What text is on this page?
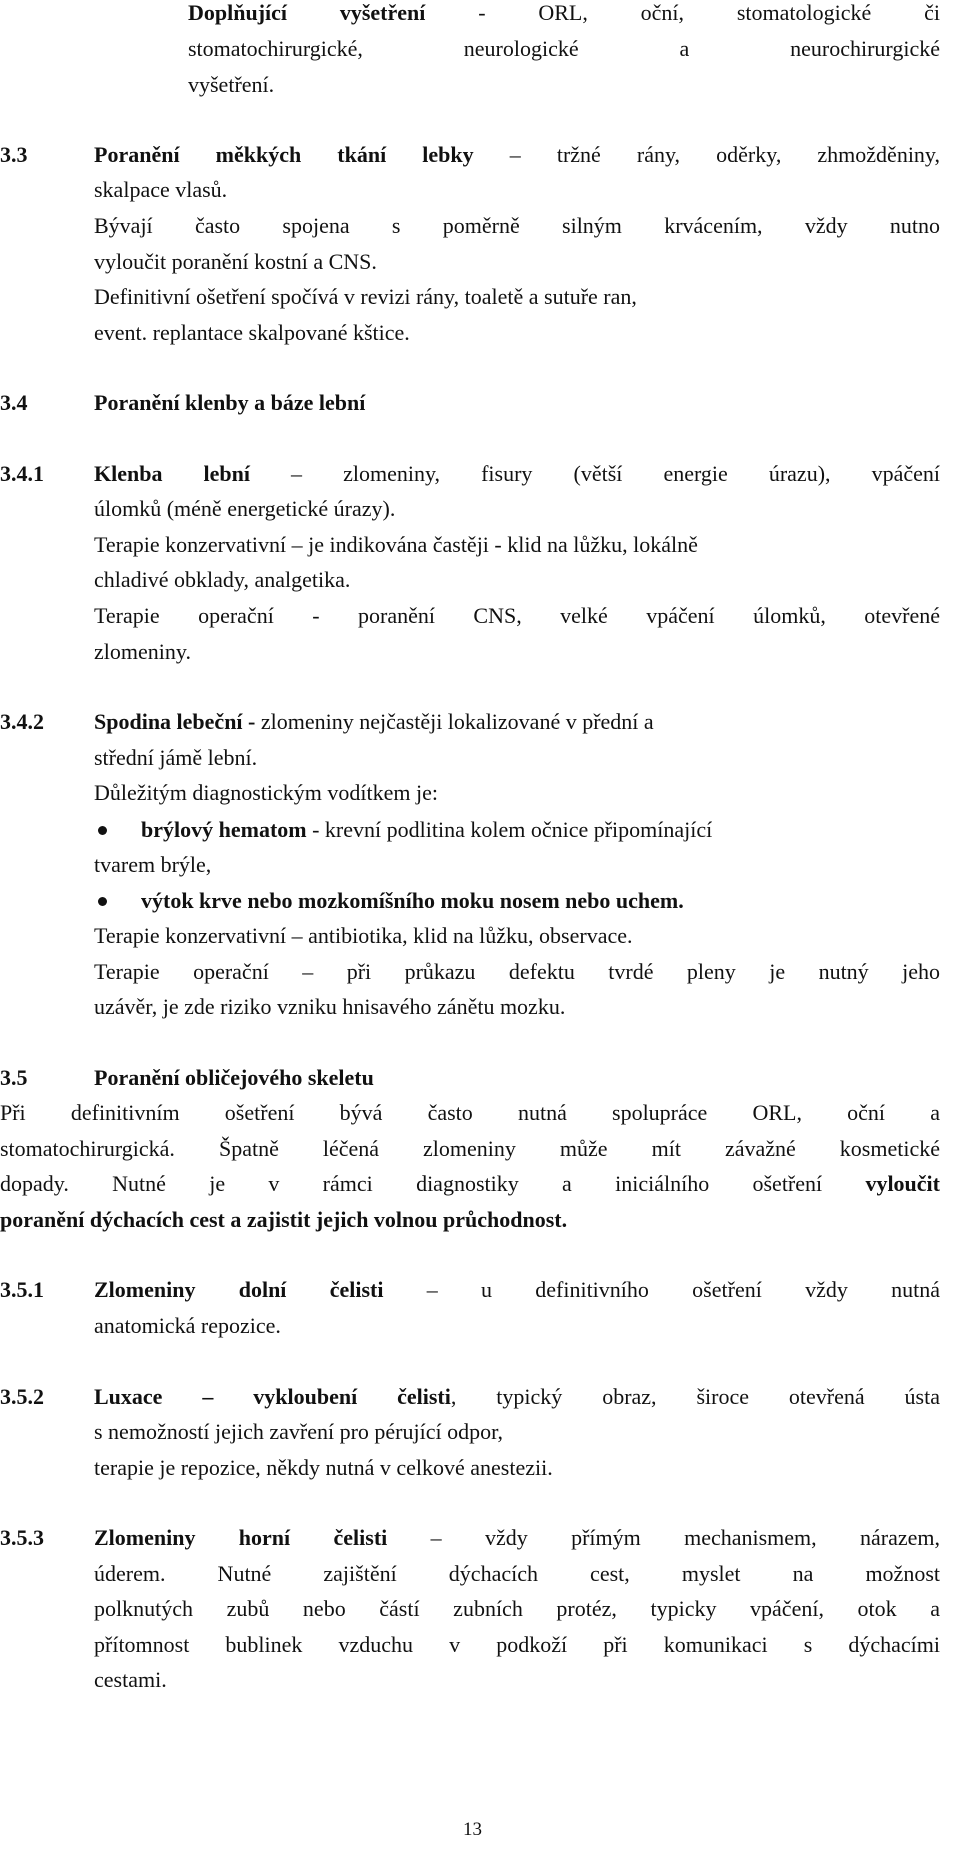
Doplňující vyšetření - ORL, oční, stomatologické či
stomatochirurgické, neurologické a neurochirurgické
vyšetření.
3.3	Poranění měkkých tkání lebky – tržné rány, oděrky, zhmožděniny,
skalpace vlasů.
Bývají často spojena s poměrně silným krvácením, vždy nutno
vyloučit poranění kostní a CNS.
Definitivní ošetření spočívá v revizi rány, toaletě a sutuře ran,
event. replantace skalpované kštice.
3.4	Poranění klenby a báze lební
3.4.1 Klenba lební – zlomeniny, fisury (větší energie úrazu), vpáčení
úlomků (méně energetické úrazy).
Terapie konzervativní – je indikována častěji - klid na lůžku, lokálně
chladivé obklady, analgetika.
Terapie operační - poranění CNS, velké vpáčení úlomků, otevřené
zlomeniny.
3.4.2 Spodina lebeční - zlomeniny nejčastěji lokalizované v přední a
střední jámě lební.
Důležitým diagnostickým vodítkem je:
brýlový hematom - krevní podlitina kolem očnice připomínající
tvarem brýle,
výtok krve nebo mozkomíšního moku nosem nebo uchem.
Terapie konzervativní – antibiotika, klid na lůžku, observace.
Terapie operační – při průkazu defektu tvrdé pleny je nutný jeho
uzávěr, je zde riziko vzniku hnisavého zánětu mozku.
3.5	Poranění obličejového skeletu
Při definitivním ošetření bývá často nutná spolupráce ORL, oční a
stomatochirurgická. Špatně léčená zlomeniny může mít závažné kosmetické
dopady. Nutné je v rámci diagnostiky a iniciálního ošetření vyloučit
poranění dýchacích cest a zajistit jejich volnou průchodnost.
3.5.1 Zlomeniny dolní čelisti – u definitivního ošetření vždy nutná
anatomická repozice.
3.5.2 Luxace – vykloubení čelisti, typický obraz, široce otevřená ústa
s nemožností jejich zavření pro pérující odpor,
terapie je repozice, někdy nutná v celkové anestezii.
3.5.3 Zlomeniny horní čelisti – vždy přímým mechanismem, nárazem,
úderem. Nutné zajištění dýchacích cest, myslet na možnost
polknutých zubů nebo částí zubních protéz, typicky vpáčení, otok a
přítomnost bublinek vzduchu v podkoží při komunikaci s dýchacími
cestami.
13
